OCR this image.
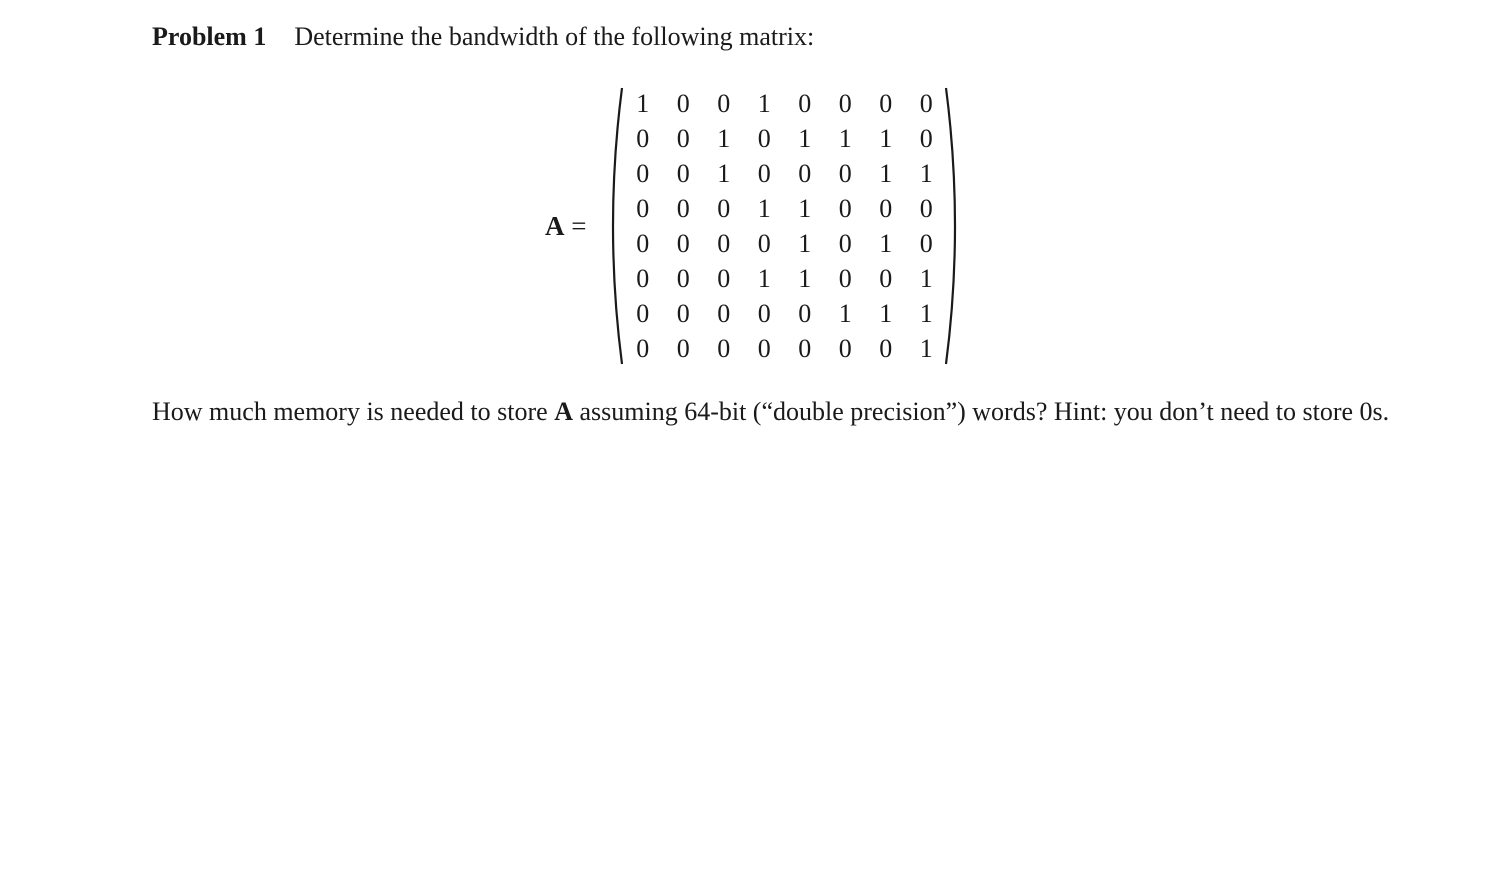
Problem 1 Determine the bandwidth of the following matrix:
A =
1	0	0	1	0	0	0	0
0	0	1	0	1	1	1	0
0	0	1	0	0	0	1	1
0	0	0	1	1	0	0	0
0	0	0	0	1	0	1	0
0	0	0	1	1	0	0	1
0	0	0	0	0	1	1	1
0	0	0	0	0	0	0	1
How much memory is needed to store A assuming 64-bit (“double precision”) words? Hint: you don’t need to store 0s.
